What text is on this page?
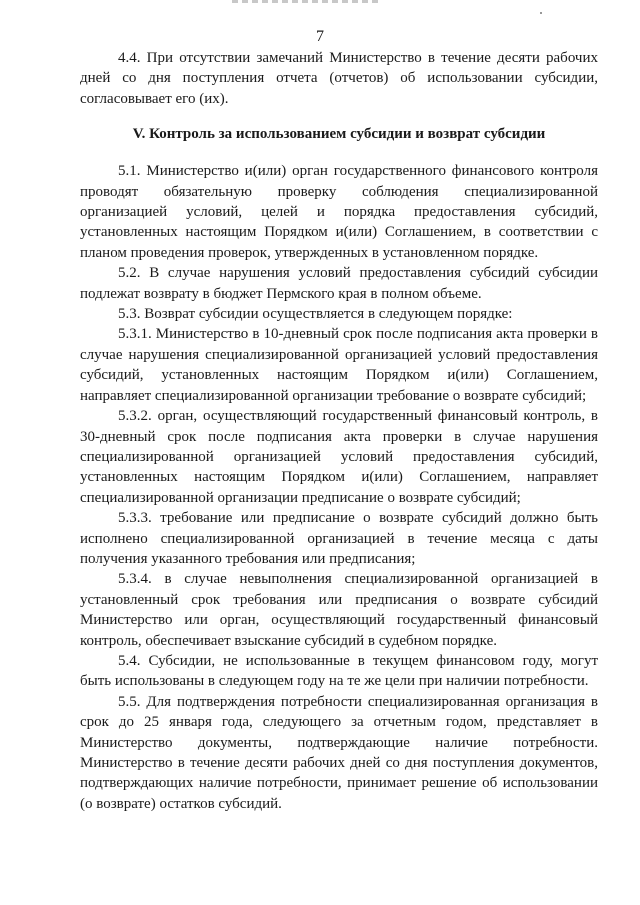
7

4.4. При отсутствии замечаний Министерство в течение десяти рабочих дней со дня поступления отчета (отчетов) об использовании субсидии, согласовывает его (их).

V. Контроль за использованием субсидии и возврат субсидии

5.1. Министерство и(или) орган государственного финансового контроля проводят обязательную проверку соблюдения специализированной организацией условий, целей и порядка предоставления субсидий, установленных настоящим Порядком и(или) Соглашением, в соответствии с планом проведения проверок, утвержденных в установленном порядке.

5.2. В случае нарушения условий предоставления субсидий субсидии подлежат возврату в бюджет Пермского края в полном объеме.

5.3. Возврат субсидии осуществляется в следующем порядке:

5.3.1. Министерство в 10-дневный срок после подписания акта проверки в случае нарушения специализированной организацией условий предоставления субсидий, установленных настоящим Порядком и(или) Соглашением, направляет специализированной организации требование о возврате субсидий;

5.3.2. орган, осуществляющий государственный финансовый контроль, в 30-дневный срок после подписания акта проверки в случае нарушения специализированной организацией условий предоставления субсидий, установленных настоящим Порядком и(или) Соглашением, направляет специализированной организации предписание о возврате субсидий;

5.3.3. требование или предписание о возврате субсидий должно быть исполнено специализированной организацией в течение месяца с даты получения указанного требования или предписания;

5.3.4. в случае невыполнения специализированной организацией в установленный срок требования или предписания о возврате субсидий Министерство или орган, осуществляющий государственный финансовый контроль, обеспечивает взыскание субсидий в судебном порядке.

5.4. Субсидии, не использованные в текущем финансовом году, могут быть использованы в следующем году на те же цели при наличии потребности.

5.5. Для подтверждения потребности специализированная организация в срок до 25 января года, следующего за отчетным годом, представляет в Министерство документы, подтверждающие наличие потребности. Министерство в течение десяти рабочих дней со дня поступления документов, подтверждающих наличие потребности, принимает решение об использовании (о возврате) остатков субсидий.
